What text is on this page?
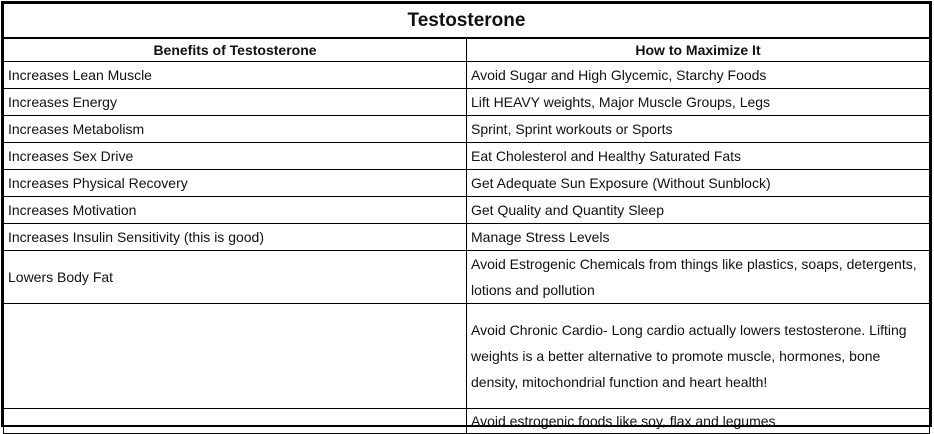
Testosterone	
Benefits of Testosterone	How to Maximize It
Increases Lean Muscle	Avoid Sugar and High Glycemic, Starchy Foods
Increases Energy	Lift HEAVY weights, Major Muscle Groups, Legs
Increases Metabolism	Sprint, Sprint workouts or Sports
Increases Sex Drive	Eat Cholesterol and Healthy Saturated Fats
Increases Physical Recovery	Get Adequate Sun Exposure (Without Sunblock)
Increases Motivation	Get Quality and Quantity Sleep
Increases Insulin Sensitivity (this is good)	Manage Stress Levels
Lowers Body Fat	Avoid Estrogenic Chemicals from things like plastics, soaps, detergents, lotions and pollution
	Avoid Chronic Cardio- Long cardio actually lowers testosterone. Lifting weights is a better alternative to promote muscle, hormones, bone density, mitochondrial function and heart health!
	Avoid estrogenic foods like soy, flax and legumes
